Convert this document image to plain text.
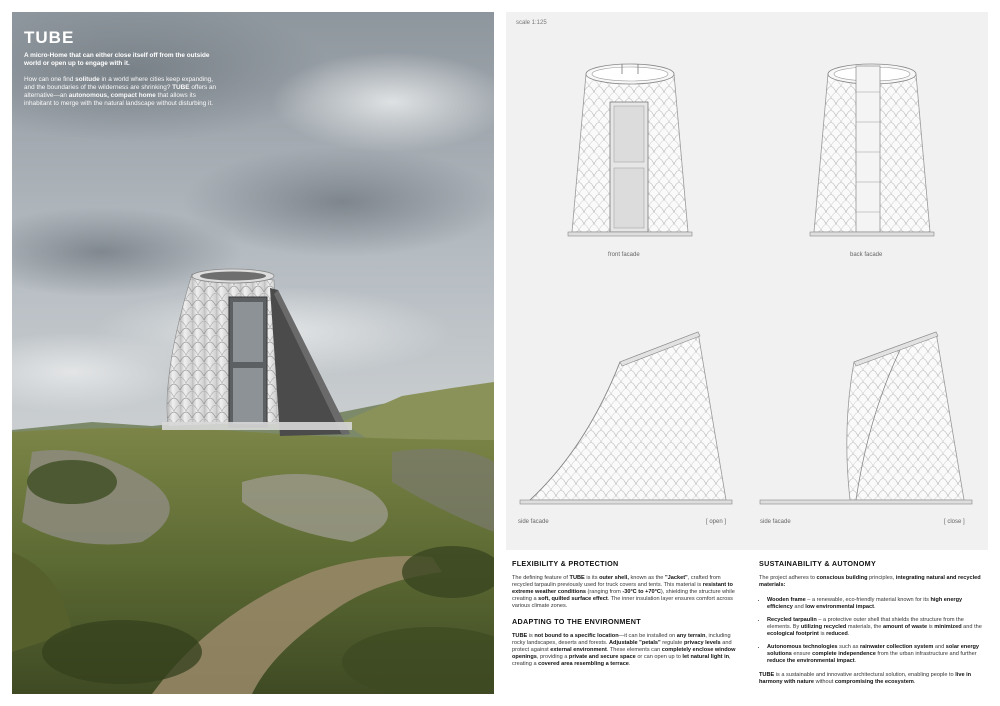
TUBE

A micro-Home that can either close itself off from the outside world or open up to engage with it.

How can one find solitude in a world where cities keep expanding, and the boundaries of the wilderness are shrinking? TUBE offers an alternative—an autonomous, compact home that allows its inhabitant to merge with the natural landscape without disturbing it.

scale 1:125
front facade	back facade
side facade	[ open ]	side facade	[ close ]
FLEXIBILITY & PROTECTION

The defining feature of TUBE is its outer shell, known as the "Jacket", crafted from recycled tarpaulin previously used for truck covers and tents. This material is resistant to extreme weather conditions (ranging from -30°C to +70°C), shielding the structure while creating a soft, quilted surface effect. The inner insulation layer ensures comfort across various climate zones.

ADAPTING TO THE ENVIRONMENT

TUBE is not bound to a specific location—it can be installed on any terrain, including rocky landscapes, deserts and forests. Adjustable "petals" regulate privacy levels and protect against external environment. These elements can completely enclose window openings, providing a private and secure space or can open up to let natural light in, creating a covered area resembling a terrace.

SUSTAINABILITY & AUTONOMY

The project adheres to conscious building principles, integrating natural and recycled materials:

• Wooden frame – a renewable, eco-friendly material known for its high energy efficiency and low environmental impact.
• Recycled tarpaulin – a protective outer shell that shields the structure from the elements. By utilizing recycled materials, the amount of waste is minimized and the ecological footprint is reduced.
• Autonomous technologies such as rainwater collection system and solar energy solutions ensure complete independence from the urban infrastructure and further reduce the environmental impact.

TUBE is a sustainable and innovative architectural solution, enabling people to live in harmony with nature without compromising the ecosystem.
